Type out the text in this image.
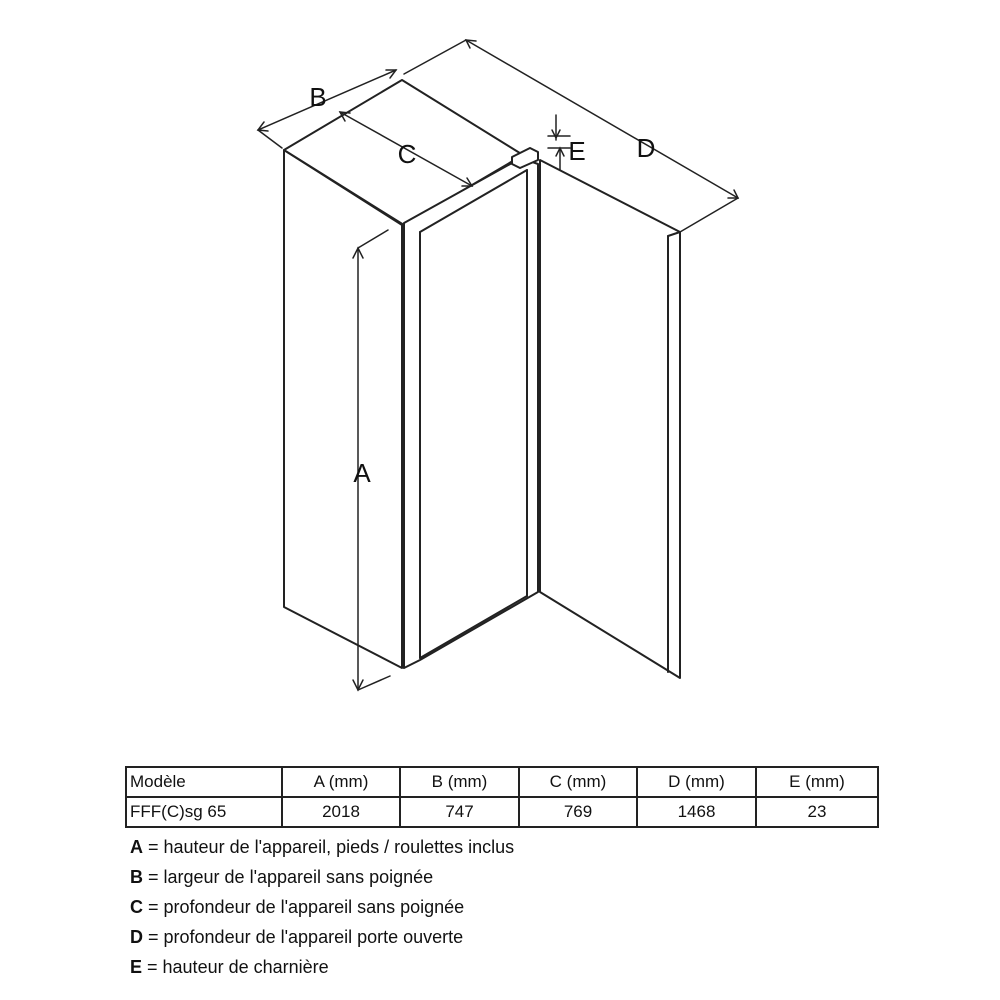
A
B
C	D
E
Modèle	A (mm)	B (mm)	C (mm)	D (mm)	E (mm)
FFF(C)sg 65	2018	747	769	1468	23
A = hauteur de l'appareil, pieds / roulettes inclus
B = largeur de l'appareil sans poignée
C = profondeur de l'appareil sans poignée
D = profondeur de l'appareil porte ouverte
E = hauteur de charnière
